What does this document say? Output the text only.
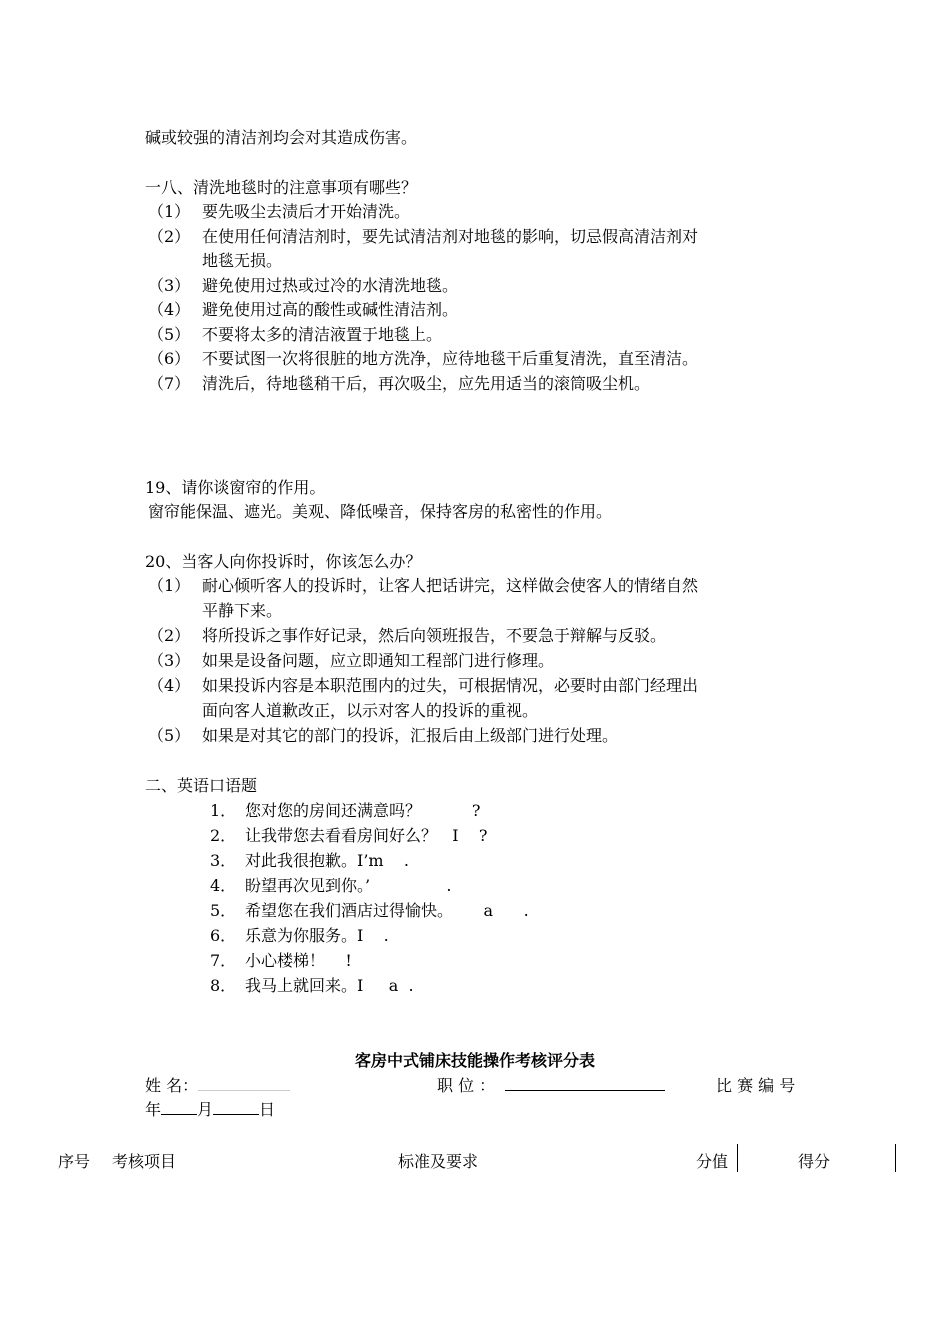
碱或较强的清洁剂均会对其造成伤害。
一八、清洗地毯时的注意事项有哪些？
（1） 要先吸尘去渍后才开始清洗。
（2） 在使用任何清洁剂时，要先试清洁剂对地毯的影响，切忌假高清洁剂对
地毯无损。
（3） 避免使用过热或过冷的水清洗地毯。
（4） 避免使用过高的酸性或碱性清洁剂。
（5） 不要将太多的清洁液置于地毯上。
（6） 不要试图一次将很脏的地方洗净，应待地毯干后重复清洗，直至清洁。
（7） 清洗后，待地毯稍干后，再次吸尘，应先用适当的滚筒吸尘机。
19、请你谈窗帘的作用。
窗帘能保温、遮光。美观、降低噪音，保持客房的私密性的作用。
20、当客人向你投诉时，你该怎么办？
（1） 耐心倾听客人的投诉时，让客人把话讲完，这样做会使客人的情绪自然
平静下来。
（2） 将所投诉之事作好记录，然后向领班报告，不要急于辩解与反驳。
（3） 如果是设备问题，应立即通知工程部门进行修理。
（4） 如果投诉内容是本职范围内的过失，可根据情况，必要时由部门经理出
面向客人道歉改正，以示对客人的投诉的重视。
（5） 如果是对其它的部门的投诉，汇报后由上级部门进行处理。
二、英语口语题
1． 您对您的房间还满意吗？          ?
2． 让我带您去看看房间好么？   I    ?
3． 对此我很抱歉。I’m    .
4． 盼望再次见到你。’               .
5． 希望您在我们酒店过得愉快。      a      .
6． 乐意为你服务。I    .
7． 小心楼梯！    !
8． 我马上就回来。I     a  .
客房中式铺床技能操作考核评分表
姓 名：	职 位 ：	比 赛 编 号
年 月	日
序号 考核项目	标准及要求	分值	得分
